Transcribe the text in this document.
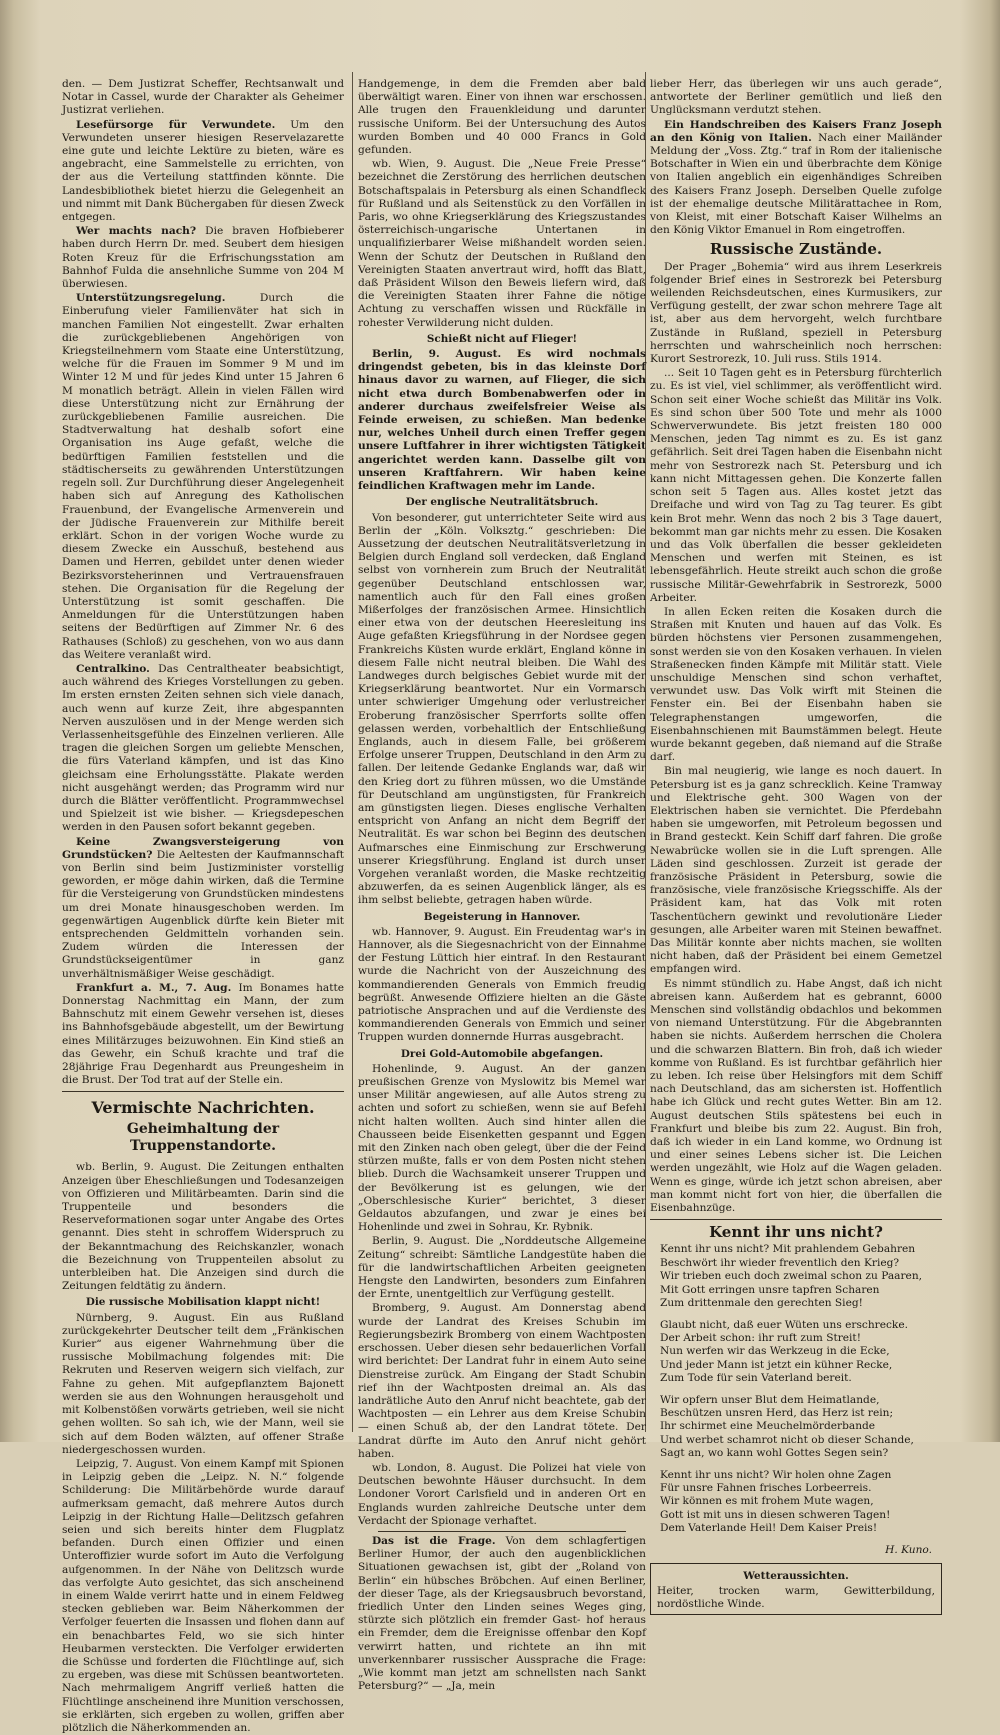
den. — Dem Justizrat Scheffer, Rechtsanwalt und Notar in Cassel, wurde der Charakter als Geheimer Justizrat verliehen.

Lesefürsorge für Verwundete. Um den Verwundeten unserer hiesigen Reservelazarette eine gute und leichte Lektüre zu bieten, wäre es angebracht, eine Sammelstelle zu errichten, von der aus die Verteilung stattfinden könnte. Die Landesbibliothek bietet hierzu die Gelegenheit an und nimmt mit Dank Büchergaben für diesen Zweck entgegen.

Wer machts nach? Die braven Hofbieberer haben durch Herrn Dr. med. Seubert dem hiesigen Roten Kreuz für die Erfrischungsstation am Bahnhof Fulda die ansehnliche Summe von 204 M überwiesen.

Unterstützungsregelung.	Durch die Einberufung vieler Familienväter hat sich in manchen Familien Not eingestellt. Zwar erhalten die zurückgebliebenen Angehörigen von Kriegsteilnehmern vom Staate eine Unterstützung, welche für die Frauen im Sommer 9 M und im Winter 12 M und für jedes Kind unter 15 Jahren 6 M monatlich beträgt. Allein in vielen Fällen wird diese Unterstützung nicht zur Ernährung der zurückgebliebenen Familie ausreichen. Die Stadtverwaltung hat deshalb sofort eine Organisation ins Auge gefaßt, welche die bedürftigen Familien feststellen und die städtischerseits zu gewährenden Unterstützungen regeln soll. Zur Durchführung dieser Angelegenheit haben sich auf Anregung des Katholischen Frauenbund, der Evangelische Armenverein und der Jüdische Frauenverein zur Mithilfe bereit erklärt. Schon in der vorigen Woche wurde zu diesem Zwecke ein Ausschuß, bestehend aus Damen und Herren, gebildet unter denen wieder Bezirksvorsteherinnen und Vertrauensfrauen stehen. Die Organisation für die Regelung der Unterstützung ist somit geschaffen. Die Anmeldungen für die Unterstützungen haben seitens der Bedürftigen auf Zimmer Nr. 6 des Rathauses (Schloß) zu geschehen, von wo aus dann das Weitere veranlaßt wird.

Centralkino. Das Centraltheater beabsichtigt, auch während des Krieges Vorstellungen zu geben. Im ersten ernsten Zeiten sehnen sich viele danach, auch wenn auf kurze Zeit, ihre abgespannten Nerven auszulösen und in der Menge werden sich Verlassenheitsgefühle des Einzelnen verlieren. Alle tragen die gleichen Sorgen um geliebte Menschen, die fürs Vaterland kämpfen, und ist das Kino gleichsam eine Erholungsstätte. Plakate werden nicht ausgehängt werden; das Programm wird nur durch die Blätter veröffentlicht. Programmwechsel und Spielzeit ist wie bisher. — Kriegsdepeschen werden in den Pausen sofort bekannt gegeben.

Keine Zwangsversteigerung von Grundstücken? Die Aeltesten der Kaufmannschaft von Berlin sind beim Justizminister vorstellig geworden, er möge dahin wirken, daß die Termine für die Versteigerung von Grundstücken mindestens um drei Monate hinausgeschoben werden. Im gegenwärtigen Augenblick dürfte kein Bieter mit entsprechenden Geldmitteln vorhanden sein. Zudem würden die Interessen der Grundstückseigentümer in ganz unverhältnismäßiger Weise geschädigt.

Frankfurt a. M., 7. Aug. Im Bonames hatte Donnerstag Nachmittag ein Mann, der zum Bahnschutz mit einem Gewehr versehen ist, dieses ins Bahnhofsgebäude abgestellt, um der Bewirtung eines Militärzuges beizuwohnen. Ein Kind stieß an das Gewehr, ein Schuß krachte und traf die 28jährige Frau Degenhardt aus Preungesheim in die Brust. Der Tod trat auf der Stelle ein.

Vermischte Nachrichten.
Geheimhaltung der Truppenstandorte.

wb. Berlin, 9. August. Die Zeitungen enthalten Anzeigen über Eheschließungen und Todesanzeigen von Offizieren und Militärbeamten. Darin sind die Truppenteile und besonders die Reserveformationen sogar unter Angabe des Ortes genannt. Dies steht in schroffem Widerspruch zu der Bekanntmachung des Reichskanzler, wonach die Bezeichnung von Truppenteilen absolut zu unterbleiben hat. Die Anzeigen sind durch die Zeitungen feldtätig zu ändern.

Die russische Mobilisation klappt nicht!

Nürnberg, 9. August. Ein aus Rußland zurückgekehrter Deutscher teilt dem „Fränkischen Kurier“ aus eigener Wahrnehmung über die russische Mobilmachung folgendes mit: Die Rekruten und Reserven weigern sich vielfach, zur Fahne zu gehen. Mit aufgepflanztem Bajonett werden sie aus den Wohnungen herausgeholt und mit Kolbenstößen vorwärts getrieben, weil sie nicht gehen wollten. So sah ich, wie der Mann, weil sie sich auf dem Boden wälzten, auf offener Straße niedergeschossen wurden.

Leipzig, 7. August. Von einem Kampf mit Spionen in Leipzig geben die „Leipz. N. N.“ folgende Schilderung: Die Militärbehörde wurde darauf aufmerksam gemacht, daß mehrere Autos durch Leipzig in der Richtung Halle—Delitzsch gefahren seien und sich bereits hinter dem Flugplatz befanden. Durch einen Offizier und einen Unteroffizier wurde sofort im Auto die Verfolgung aufgenommen. In der Nähe von Delitzsch wurde das verfolgte Auto gesichtet, das sich anscheinend in einem Walde verirrt hatte und in einem Feldweg stecken geblieben war. Beim Näherkommen der Verfolger feuerten die Insassen und flohen dann auf ein benachbartes Feld, wo sie sich hinter Heubarmen versteckten. Die Verfolger erwiderten die Schüsse und forderten die Flüchtlinge auf, sich zu ergeben, was diese mit Schüssen beantworteten. Nach mehrmaligem Angriff verließ hatten die Flüchtlinge anscheinend ihre Munition verschossen, sie erklärten, sich ergeben zu wollen, griffen aber plötzlich die Näherkommenden an.

Handgemenge, in dem die Fremden aber bald überwältigt waren. Einer von ihnen war erschossen. Alle trugen den Frauenkleidung und darunter russische Uniform. Bei der Untersuchung des Autos wurden Bomben und 40 000 Francs in Gold gefunden.

wb. Wien, 9. August. Die „Neue Freie Presse“ bezeichnet die Zerstörung des herrlichen deutschen Botschaftspalais in Petersburg als einen Schandfleck für Rußland und als Seitenstück zu den Vorfällen in Paris, wo ohne Kriegserklärung des Kriegszustandes österreichisch-ungarische Untertanen in unqualifizierbarer Weise mißhandelt worden seien. Wenn der Schutz der Deutschen in Rußland den Vereinigten Staaten anvertraut wird, hofft das Blatt, daß Präsident Wilson den Beweis liefern wird, daß die Vereinigten Staaten ihrer Fahne die nötige Achtung zu verschaffen wissen und Rückfälle in rohester Verwilderung nicht dulden.

Schießt nicht auf Flieger!

Berlin, 9. August. Es wird nochmals dringendst gebeten, bis in das kleinste Dorf hinaus davor zu warnen, auf Flieger, die sich nicht etwa durch Bombenabwerfen oder in anderer durchaus zweifelsfreier Weise als Feinde erweisen, zu schießen. Man bedenke nur, welches Unheil durch einen Treffer gegen unsere Luftfahrer in ihrer wichtigsten Tätigkeit angerichtet werden kann. Dasselbe gilt von unseren Kraftfahrern. Wir haben keine feindlichen Kraftwagen mehr im Lande.

Der englische Neutralitätsbruch.

Von besonderer, gut unterrichteter Seite wird aus Berlin der „Köln. Volksztg.“ geschrieben: Die Aussetzung der deutschen Neutralitätsverletzung in Belgien durch England soll verdecken, daß England selbst von vornherein zum Bruch der Neutralität gegenüber Deutschland entschlossen war, namentlich auch für den Fall eines großen Mißerfolges der französischen Armee. Hinsichtlich einer etwa von der deutschen Heeresleitung ins Auge gefaßten Kriegsführung in der Nordsee gegen Frankreichs Küsten wurde erklärt, England könne in diesem Falle nicht neutral bleiben. Die Wahl des Landweges durch belgisches Gebiet wurde mit der Kriegserklärung beantwortet. Nur ein Vormarsch unter schwieriger Umgehung oder verlustreicher Eroberung französischer Sperrforts sollte offen gelassen werden, vorbehaltlich der Entschließung Englands, auch in diesem Falle, bei größerem Erfolge unserer Truppen, Deutschland in den Arm zu fallen. Der leitende Gedanke Englands war, daß wir den Krieg dort zu führen müssen, wo die Umstände für Deutschland am ungünstigsten, für Frankreich am günstigsten liegen. Dieses englische Verhalten entspricht von Anfang an nicht dem Begriff der Neutralität. Es war schon bei Beginn des deutschen Aufmarsches eine Einmischung zur Erschwerung unserer Kriegsführung. England ist durch unser Vorgehen veranlaßt worden, die Maske rechtzeitig abzuwerfen, da es seinen Augenblick länger, als es ihm selbst beliebte, getragen haben würde.

Begeisterung in Hannover.

wb. Hannover, 9. August. Ein Freudentag war's in Hannover, als die Siegesnachricht von der Einnahme der Festung Lüttich hier eintraf. In den Restaurant wurde die Nachricht von der Auszeichnung des kommandierenden Generals von Emmich freudig begrüßt. Anwesende Offiziere hielten an die Gäste patriotische Ansprachen und auf die Verdienste des kommandierenden Generals von Emmich und seiner Truppen wurden donnernde Hurras ausgebracht.

Drei Gold-Automobile abgefangen.

Hohenlinde, 9. August. An der ganzen preußischen Grenze von Myslowitz bis Memel war unser Militär angewiesen, auf alle Autos streng zu achten und sofort zu schießen, wenn sie auf Befehl nicht halten wollten. Auch sind hinter allen die Chausseen beide Eisenketten gespannt und Eggen mit den Zinken nach oben gelegt, über die der Feind stürzen mußte, falls er von dem Posten nicht stehen blieb. Durch die Wachsamkeit unserer Truppen und der Bevölkerung ist es gelungen, wie der „Oberschlesische Kurier“ berichtet, 3 dieser Geldautos abzufangen, und zwar je eines bei Hohenlinde und zwei in Sohrau, Kr. Rybnik.

Berlin, 9. August. Die „Norddeutsche Allgemeine Zeitung“ schreibt: Sämtliche Landgestüte haben die für die landwirtschaftlichen Arbeiten geeigneten Hengste den Landwirten, besonders zum Einfahren der Ernte, unentgeltlich zur Verfügung gestellt.

Bromberg, 9. August. Am Donnerstag abend wurde der Landrat des Kreises Schubin im Regierungsbezirk Bromberg von einem Wachtposten erschossen. Ueber diesen sehr bedauerlichen Vorfall wird berichtet: Der Landrat fuhr in einem Auto seine Dienstreise zurück. Am Eingang der Stadt Schubin rief ihn der Wachtposten dreimal an. Als das landrätliche Auto den Anruf nicht beachtete, gab der Wachtposten — ein Lehrer aus dem Kreise Schubin — einen Schuß ab, der den Landrat tötete. Der Landrat dürfte im Auto den Anruf nicht gehört haben.

wb. London, 8. August. Die Polizei hat viele von Deutschen bewohnte Häuser durchsucht. In dem Londoner Vorort Carlsfield und in anderen Ort en Englands wurden zahlreiche Deutsche unter dem Verdacht der Spionage verhaftet.

Das ist die Frage. Von dem schlagfertigen Berliner Humor, der auch den augenblicklichen Situationen gewachsen ist, gibt der „Roland von Berlin“ ein hübsches Bröbchen. Auf einen Berliner, der dieser Tage, als der Kriegsausbruch bevorstand, friedlich Unter den Linden seines Weges ging, stürzte sich plötzlich ein fremder Gast- hof heraus ein Fremder, dem die Ereignisse offenbar den Kopf verwirrt hatten, und richtete an ihn mit unverkennbarer russischer Aussprache die Frage: „Wie kommt man jetzt am schnellsten nach Sankt Petersburg?“ — „Ja, mein

lieber Herr, das überlegen wir uns auch gerade“, antwortete der Berliner gemütlich und ließ den Unglücksmann verdutzt stehen.

Ein Handschreiben des Kaisers Franz Joseph an den König von Italien. Nach einer Mailänder Meldung der „Voss. Ztg.“ traf in Rom der italienische Botschafter in Wien ein und überbrachte dem Könige von Italien angeblich ein eigenhändiges Schreiben des Kaisers Franz Joseph. Derselben Quelle zufolge ist der ehemalige deutsche Militärattachee in Rom, von Kleist, mit einer Botschaft Kaiser Wilhelms an den König Viktor Emanuel in Rom eingetroffen.

Russische Zustände.

Der Prager „Bohemia“ wird aus ihrem Leserkreis folgender Brief eines in Sestrorezk bei Petersburg weilenden Reichsdeutschen, eines Kurmusikers, zur Verfügung gestellt, der zwar schon mehrere Tage alt ist, aber aus dem hervorgeht, welch furchtbare Zustände in Rußland, speziell in Petersburg herrschten und wahrscheinlich noch herrschen: Kurort Sestrorezk, 10. Juli russ. Stils 1914.

... Seit 10 Tagen geht es in Petersburg fürchterlich zu. Es ist viel, viel schlimmer, als veröffentlicht wird. Schon seit einer Woche schießt das Militär ins Volk. Es sind schon über 500 Tote und mehr als 1000 Schwerverwundete. Bis jetzt freisten 180 000 Menschen, jeden Tag nimmt es zu. Es ist ganz gefährlich. Seit drei Tagen haben die Eisenbahn nicht mehr von Sestrorezk nach St. Petersburg und ich kann nicht Mittagessen gehen. Die Konzerte fallen schon seit 5 Tagen aus. Alles kostet jetzt das Dreifache und wird von Tag zu Tag teurer. Es gibt kein Brot mehr. Wenn das noch 2 bis 3 Tage dauert, bekommt man gar nichts mehr zu essen. Die Kosaken und das Volk überfallen die besser gekleideten Menschen und werfen mit Steinen, es ist lebensgefährlich. Heute streikt auch schon die große russische Militär-Gewehrfabrik in Sestrorezk, 5000 Arbeiter.

In allen Ecken reiten die Kosaken durch die Straßen mit Knuten und hauen auf das Volk. Es bürden höchstens vier Personen zusammengehen, sonst werden sie von den Kosaken verhauen. In vielen Straßenecken finden Kämpfe mit Militär statt. Viele unschuldige Menschen sind schon verhaftet, verwundet usw. Das Volk wirft mit Steinen die Fenster ein. Bei der Eisenbahn haben sie Telegraphenstangen umgeworfen, die Eisenbahnschienen mit Baumstämmen belegt. Heute wurde bekannt gegeben, daß niemand auf die Straße darf.

Bin mal neugierig, wie lange es noch dauert. In Petersburg ist es ja ganz schrecklich. Keine Tramway und Elektrische geht. 300 Wagen von der Elektrischen haben sie vernichtet. Die Pferdebahn haben sie umgeworfen, mit Petroleum begossen und in Brand gesteckt. Kein Schiff darf fahren. Die große Newabrücke wollen sie in die Luft sprengen. Alle Läden sind geschlossen. Zurzeit ist gerade der französische Präsident in Petersburg, sowie die französische, viele französische Kriegsschiffe. Als der Präsident kam, hat das Volk mit roten Taschentüchern gewinkt und revolutionäre Lieder gesungen, alle Arbeiter waren mit Steinen bewaffnet. Das Militär konnte aber nichts machen, sie wollten nicht haben, daß der Präsident bei einem Gemetzel empfangen wird.

Es nimmt stündlich zu. Habe Angst, daß ich nicht abreisen kann. Außerdem hat es gebrannt, 6000 Menschen sind vollständig obdachlos und bekommen von niemand Unterstützung. Für die Abgebrannten haben sie nichts. Außerdem herrschen die Cholera und die schwarzen Blattern. Bin froh, daß ich wieder komme von Rußland. Es ist furchtbar gefährlich hier zu leben. Ich reise über Helsingfors mit dem Schiff nach Deutschland, das am sichersten ist. Hoffentlich habe ich Glück und recht gutes Wetter. Bin am 12. August deutschen Stils spätestens bei euch in Frankfurt und bleibe bis zum 22. August. Bin froh, daß ich wieder in ein Land komme, wo Ordnung ist und einer seines Lebens sicher ist. Die Leichen werden ungezählt, wie Holz auf die Wagen geladen. Wenn es ginge, würde ich jetzt schon abreisen, aber man kommt nicht fort von hier, die überfallen die Eisenbahnzüge.

Kennt ihr uns nicht?
Kennt ihr uns nicht? Mit prahlendem Gebahren
Beschwört ihr wieder freventlich den Krieg?
Wir trieben euch doch zweimal schon zu Paaren,
Mit Gott erringen unsre tapfren Scharen
Zum drittenmale den gerechten Sieg!
Glaubt nicht, daß euer Wüten uns erschrecke.
Der Arbeit schon: ihr ruft zum Streit!
Nun werfen wir das Werkzeug in die Ecke,
Und jeder Mann ist jetzt ein kühner Recke,
Zum Tode für sein Vaterland bereit.
Wir opfern unser Blut dem Heimatlande,
Beschützen unsren Herd, das Herz ist rein;
Ihr schirmet eine Meuchelmörderbande
Und werbet schamrot nicht ob dieser Schande,
Sagt an, wo kann wohl Gottes Segen sein?
Kennt ihr uns nicht? Wir holen ohne Zagen
Für unsre Fahnen frisches Lorbeerreis.
Wir können es mit frohem Mute wagen,
Gott ist mit uns in diesen schweren Tagen!
Dem Vaterlande Heil! Dem Kaiser Preis!
H. Kuno.
Wetteraussichten.
Heiter, trocken warm, Gewitterbildung, nordöstliche Winde.
